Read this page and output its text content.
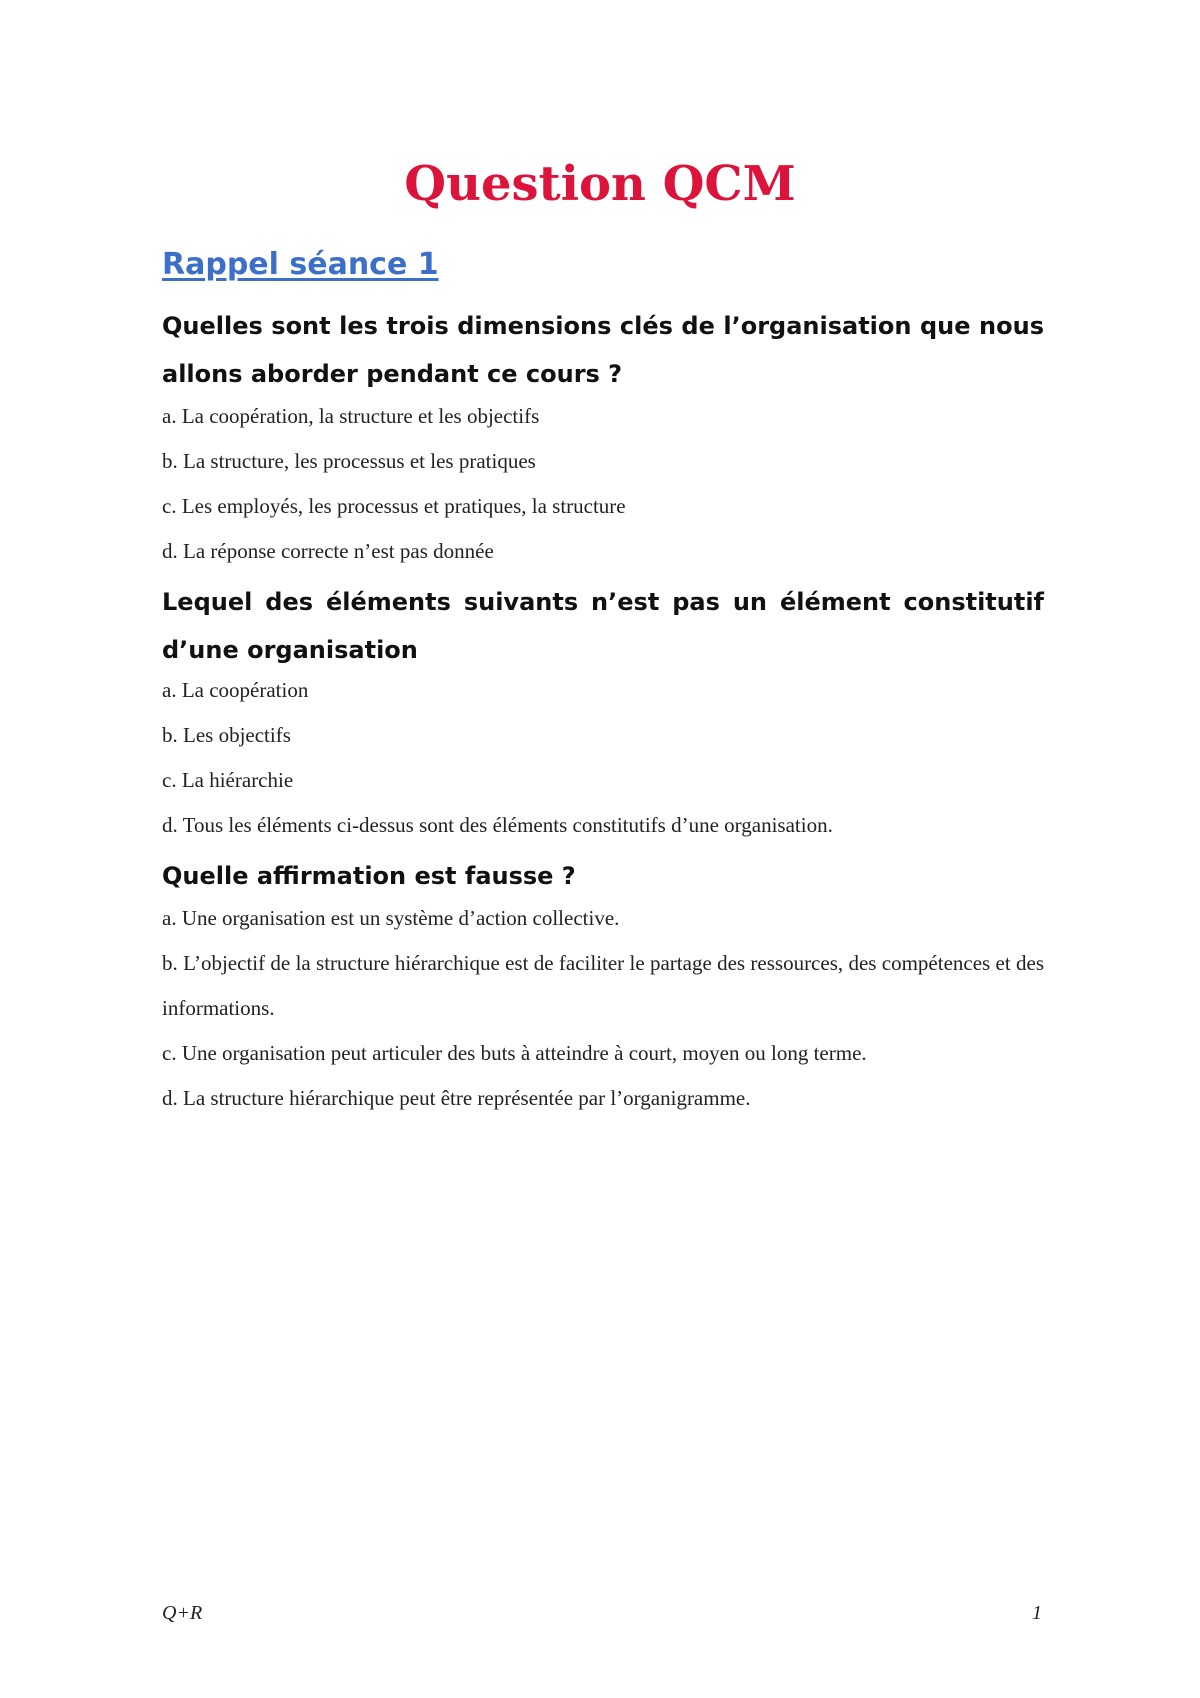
Question QCM
Rappel séance 1

Quelles sont les trois dimensions clés de l’organisation que nous allons aborder pendant ce cours ?

a. La coopération, la structure et les objectifs

b. La structure, les processus et les pratiques

c. Les employés, les processus et pratiques, la structure

d. La réponse correcte n’est pas donnée

Lequel des éléments suivants n’est pas un élément constitutif d’une organisation

a. La coopération

b. Les objectifs

c. La hiérarchie

d. Tous les éléments ci-dessus sont des éléments constitutifs d’une organisation.

Quelle affirmation est fausse ?

a. Une organisation est un système d’action collective.

b. L’objectif de la structure hiérarchique est de faciliter le partage des ressources, des compétences et des informations.

c. Une organisation peut articuler des buts à atteindre à court, moyen ou long terme.

d. La structure hiérarchique peut être représentée par l’organigramme.

Q+R	1
